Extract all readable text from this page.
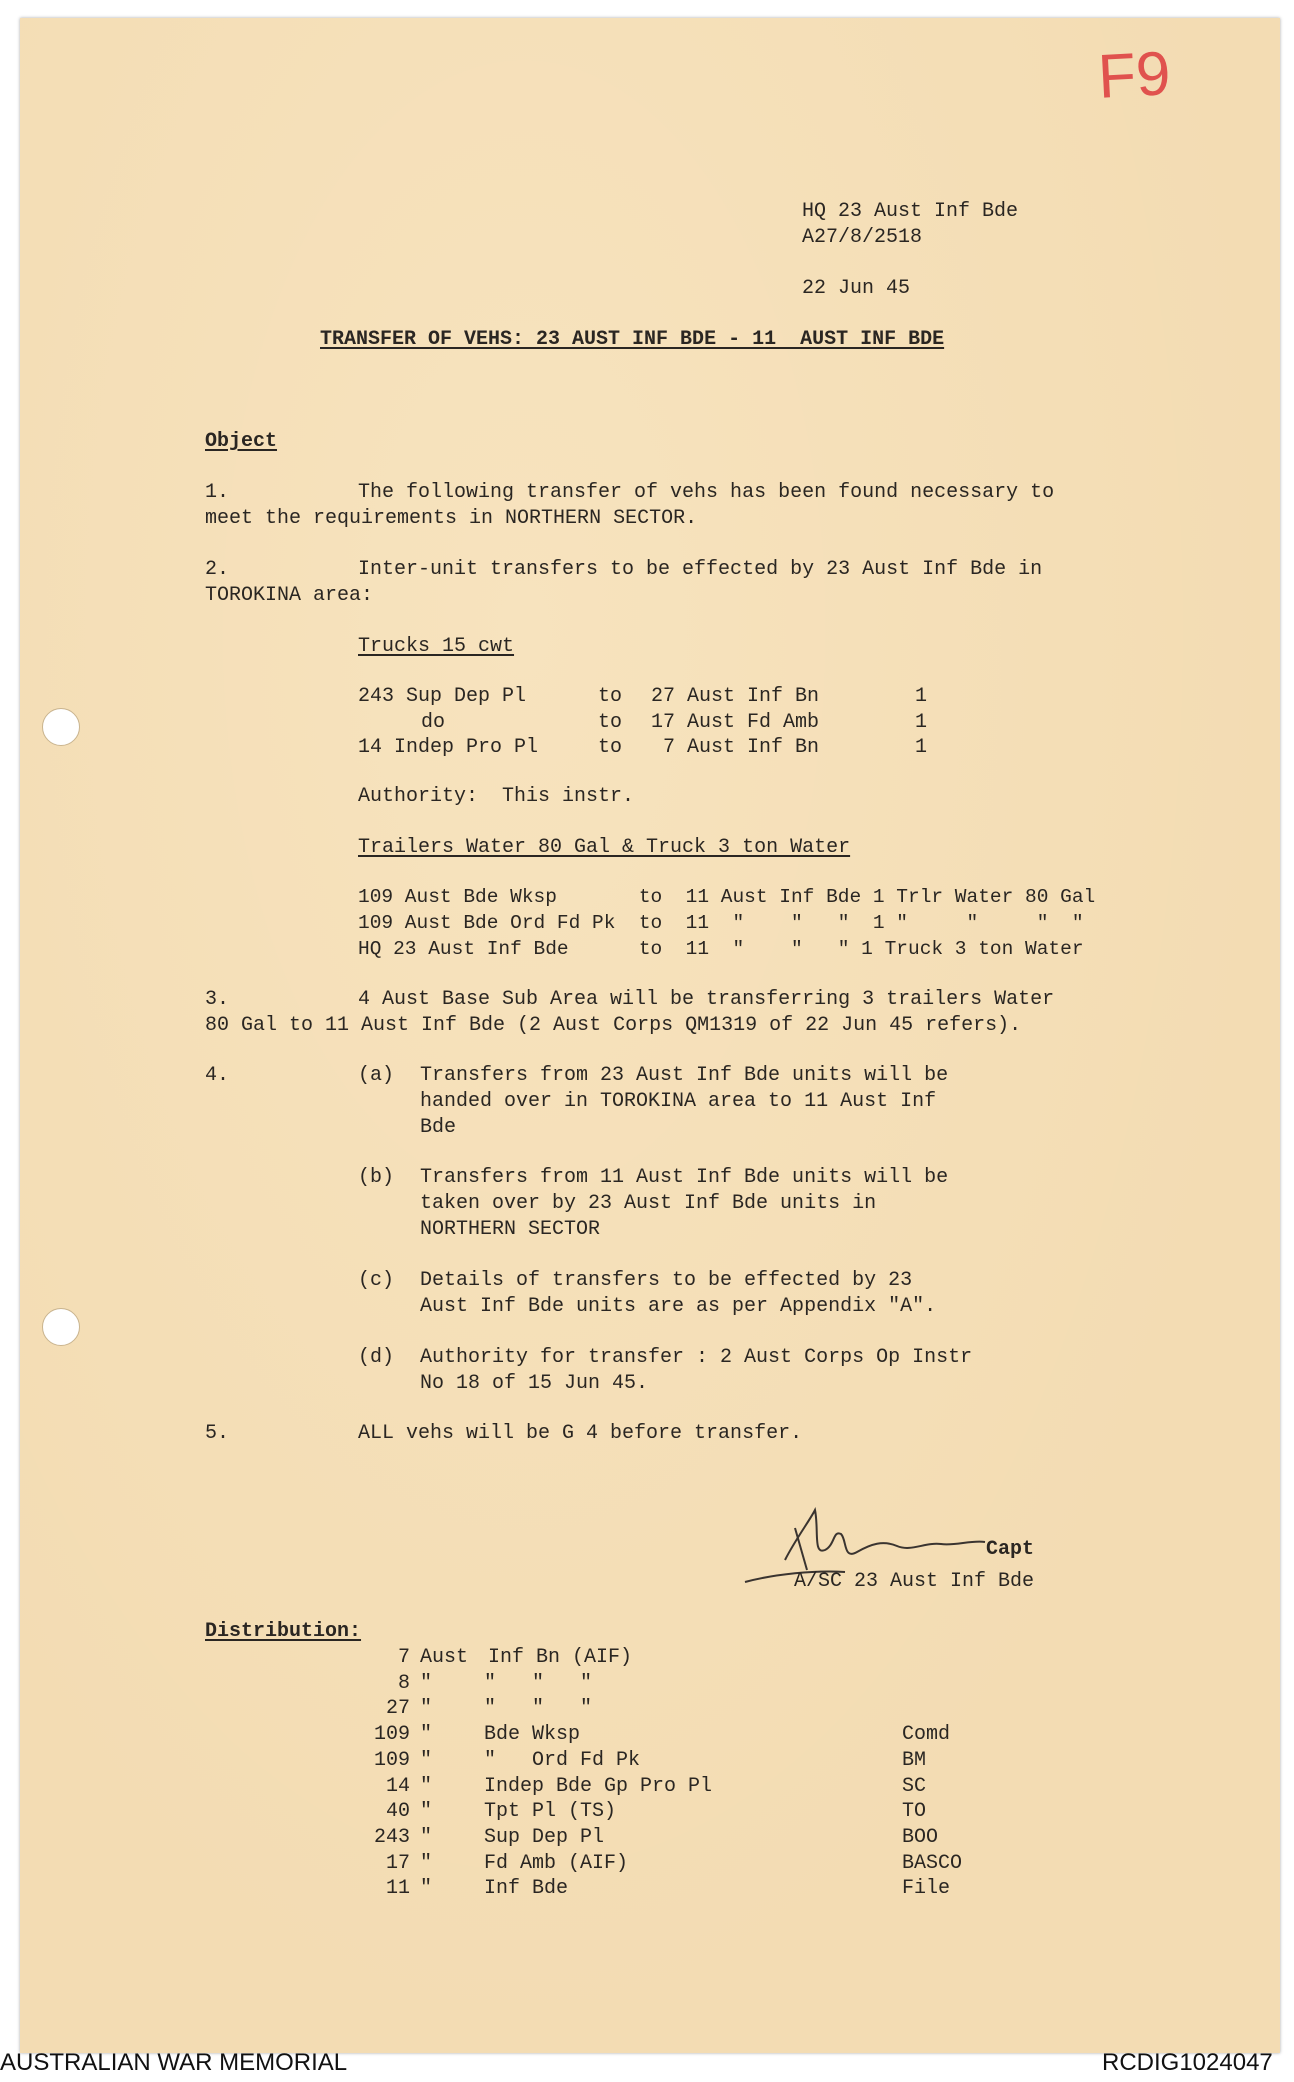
F9
HQ 23 Aust Inf Bde
A27/8/2518
22 Jun 45
TRANSFER OF VEHS: 23 AUST INF BDE - 11  AUST INF BDE
Object
1.	The following transfer of vehs has been found necessary to
meet the requirements in NORTHERN SECTOR.
2.	Inter-unit transfers to be effected by 23 Aust Inf Bde in
TOROKINA area:
Trucks 15 cwt
243 Sup Dep Pl	to 27 Aust Inf Bn	1
do	to 17 Aust Fd Amb	1
14 Indep Pro Pl	to 7 Aust Inf Bn	1
Authority:  This instr.
Trailers Water 80 Gal & Truck 3 ton Water
109 Aust Bde Wksp       to  11 Aust Inf Bde 1 Trlr Water 80 Gal
109 Aust Bde Ord Fd Pk  to  11  "    "   "  1 "     "     "  "
HQ 23 Aust Inf Bde      to  11  "    "   " 1 Truck 3 ton Water
3.	4 Aust Base Sub Area will be transferring 3 trailers Water
80 Gal to 11 Aust Inf Bde (2 Aust Corps QM1319 of 22 Jun 45 refers).
4.	(a) Transfers from 23 Aust Inf Bde units will be
handed over in TOROKINA area to 11 Aust Inf
Bde
(b) Transfers from 11 Aust Inf Bde units will be
taken over by 23 Aust Inf Bde units in
NORTHERN SECTOR
(c) Details of transfers to be effected by 23
Aust Inf Bde units are as per Appendix "A".
(d) Authority for transfer : 2 Aust Corps Op Instr
No 18 of 15 Jun 45.
5.	ALL vehs will be G 4 before transfer.
Capt
A/SC 23 Aust Inf Bde
Distribution:
7 Aust Inf Bn (AIF)
8 "	"   "   "
27 "	"   "   "
109 "	Bde Wksp	Comd
109 "	"   Ord Fd Pk	BM
14 "	Indep Bde Gp Pro Pl	SC
40 "	Tpt Pl (TS)	TO
243 "	Sup Dep Pl	BOO
17 "	Fd Amb (AIF)	BASCO
11 "	Inf Bde	File
AUSTRALIAN WAR MEMORIAL	RCDIG1024047
